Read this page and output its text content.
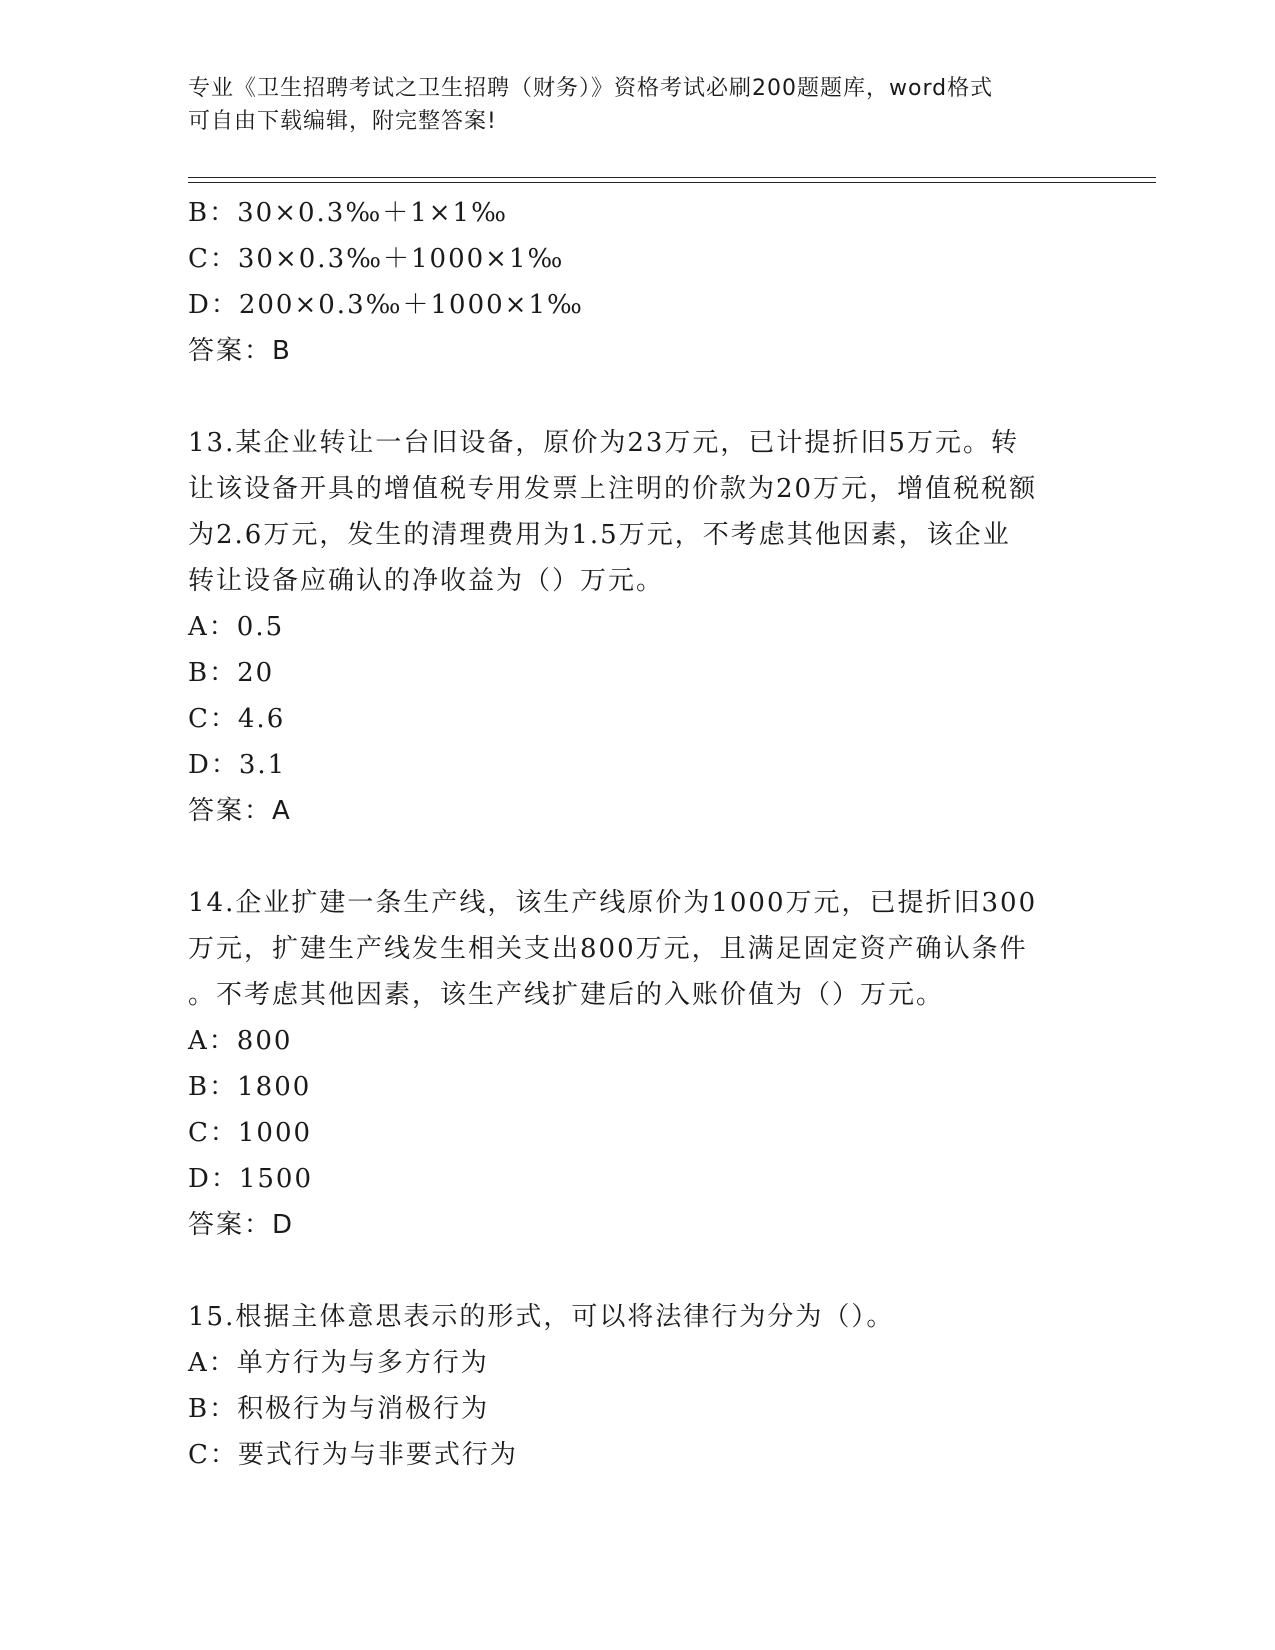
专业《卫生招聘考试之卫生招聘（财务）》资格考试必刷200题题库，word格式
可自由下载编辑，附完整答案!
B：30×0.3‰＋1×1‰
C：30×0.3‰＋1000×1‰
D：200×0.3‰＋1000×1‰
答案：B
13.某企业转让一台旧设备，原价为23万元，已计提折旧5万元。转
让该设备开具的增值税专用发票上注明的价款为20万元，增值税税额
为2.6万元，发生的清理费用为1.5万元，不考虑其他因素，该企业
转让设备应确认的净收益为（）万元。
A：0.5
B：20
C：4.6
D：3.1
答案：A
14.企业扩建一条生产线，该生产线原价为1000万元，已提折旧300
万元，扩建生产线发生相关支出800万元，且满足固定资产确认条件
。不考虑其他因素，该生产线扩建后的入账价值为（）万元。
A：800
B：1800
C：1000
D：1500
答案：D
15.根据主体意思表示的形式，可以将法律行为分为（）。
A：单方行为与多方行为
B：积极行为与消极行为
C：要式行为与非要式行为
